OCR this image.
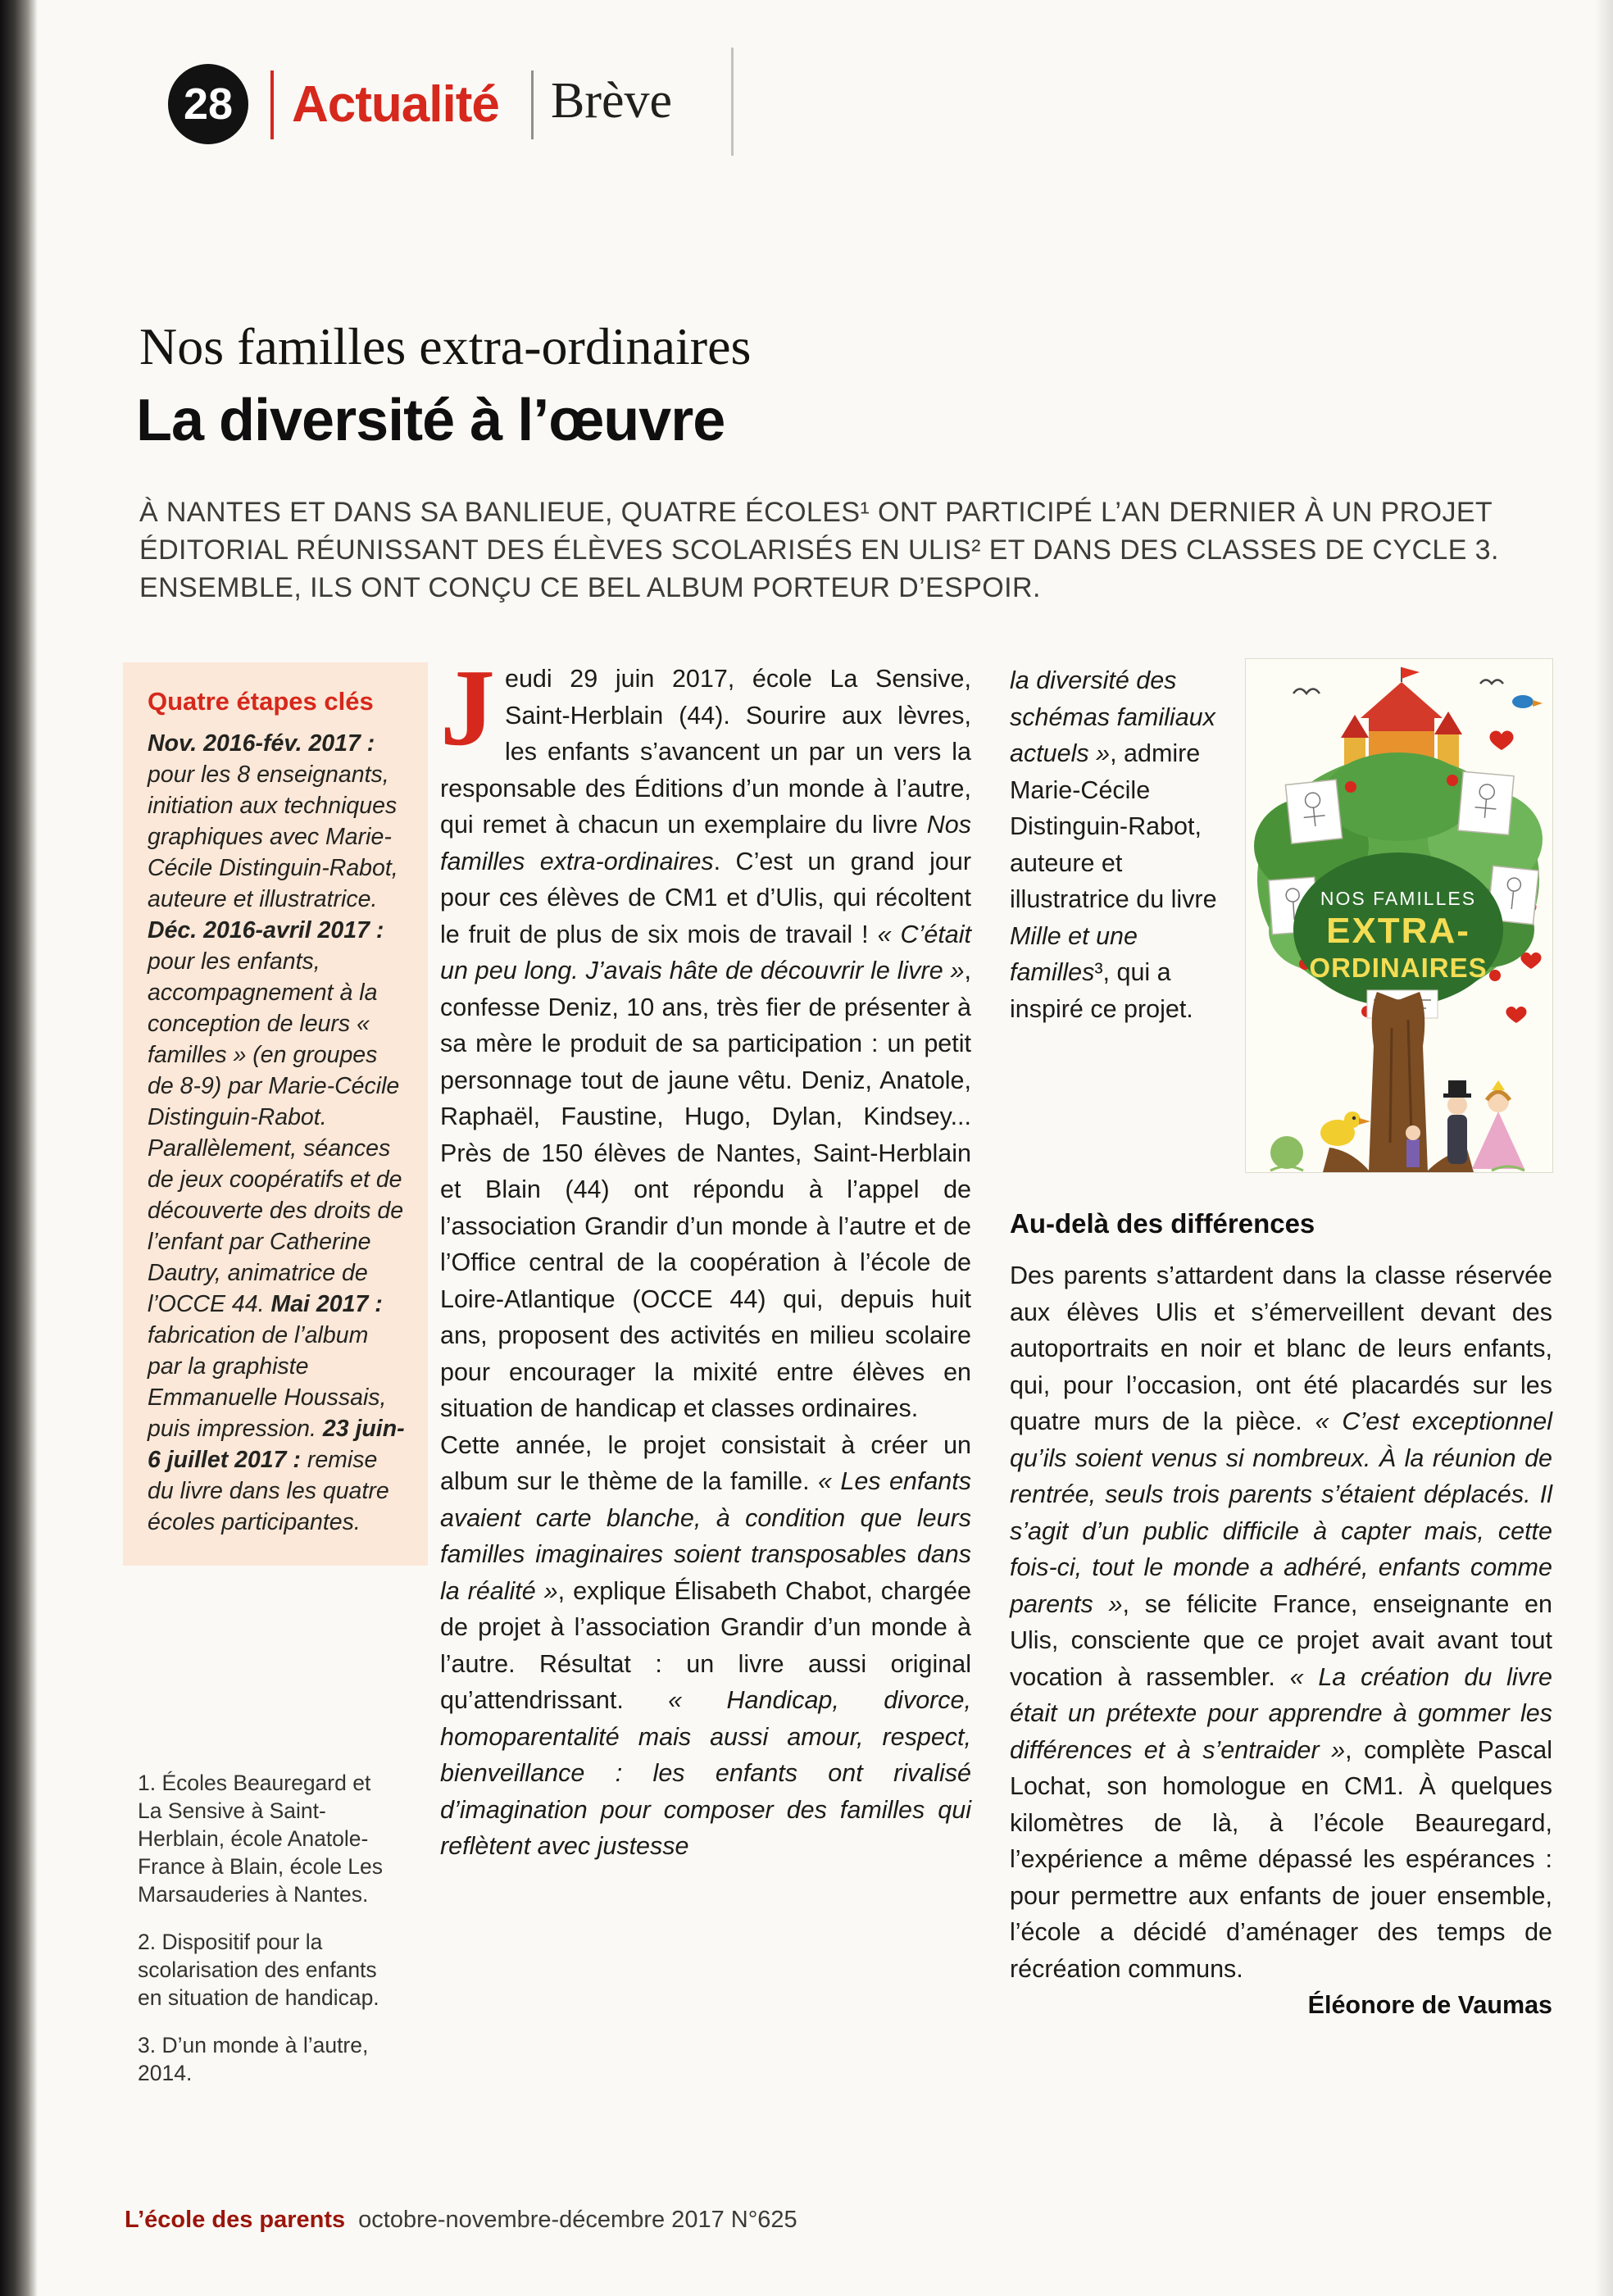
28 Actualité Brève
Nos familles extra-ordinaires
La diversité à l’œuvre
À NANTES ET DANS SA BANLIEUE, QUATRE ÉCOLES¹ ONT PARTICIPÉ L’AN DERNIER À UN PROJET ÉDITORIAL RÉUNISSANT DES ÉLÈVES SCOLARISÉS EN ULIS² ET DANS DES CLASSES DE CYCLE 3. ENSEMBLE, ILS ONT CONÇU CE BEL ALBUM PORTEUR D’ESPOIR.

Quatre étapes clés

Nov. 2016-fév. 2017 : pour les 8 enseignants, initiation aux techniques graphiques avec Marie-Cécile Distinguin-Rabot, auteure et illustratrice. Déc. 2016-avril 2017 : pour les enfants, accompagnement à la conception de leurs « familles » (en groupes de 8-9) par Marie-Cécile Distinguin-Rabot. Parallèlement, séances de jeux coopératifs et de découverte des droits de l’enfant par Catherine Dautry, animatrice de l’OCCE 44. Mai 2017 : fabrication de l’album par la graphiste Emmanuelle Houssais, puis impression. 23 juin-6 juillet 2017 : remise du livre dans les quatre écoles participantes.

1. Écoles Beauregard et La Sensive à Saint-Herblain, école Anatole-France à Blain, école Les Marsauderies à Nantes.

2. Dispositif pour la scolarisation des enfants en situation de handicap.

3. D’un monde à l’autre, 2014.

Jeudi 29 juin 2017, école La Sensive, Saint-Herblain (44). Sourire aux lèvres, les enfants s’avancent un par un vers la responsable des Éditions d’un monde à l’autre, qui remet à chacun un exemplaire du livre Nos familles extra-ordinaires. C’est un grand jour pour ces élèves de CM1 et d’Ulis, qui récoltent le fruit de plus de six mois de travail ! « C’était un peu long. J’avais hâte de découvrir le livre », confesse Deniz, 10 ans, très fier de présenter à sa mère le produit de sa participation : un petit personnage tout de jaune vêtu. Deniz, Anatole, Raphaël, Faustine, Hugo, Dylan, Kindsey... Près de 150 élèves de Nantes, Saint-Herblain et Blain (44) ont répondu à l’appel de l’association Grandir d’un monde à l’autre et de l’Office central de la coopération à l’école de Loire-Atlantique (OCCE 44) qui, depuis huit ans, proposent des activités en milieu scolaire pour encourager la mixité entre élèves en situation de handicap et classes ordinaires.

Cette année, le projet consistait à créer un album sur le thème de la famille. « Les enfants avaient carte blanche, à condition que leurs familles imaginaires soient transposables dans la réalité », explique Élisabeth Chabot, chargée de projet à l’association Grandir d’un monde à l’autre. Résultat : un livre aussi original qu’attendrissant. « Handicap, divorce, homoparentalité mais aussi amour, respect, bienveillance : les enfants ont rivalisé d’imagination pour composer des familles qui reflètent avec justesse

la diversité des schémas familiaux actuels », admire Marie-Cécile Distinguin-Rabot, auteure et illustratrice du livre Mille et une familles³, qui a inspiré ce projet.
NOS FAMILLES
EXTRA-
ORDINAIRES

Au-delà des différences

Des parents s’attardent dans la classe réservée aux élèves Ulis et s’émerveillent devant des autoportraits en noir et blanc de leurs enfants, qui, pour l’occasion, ont été placardés sur les quatre murs de la pièce. « C’est exceptionnel qu’ils soient venus si nombreux. À la réunion de rentrée, seuls trois parents s’étaient déplacés. Il s’agit d’un public difficile à capter mais, cette fois-ci, tout le monde a adhéré, enfants comme parents », se félicite France, enseignante en Ulis, consciente que ce projet avait avant tout vocation à rassembler. « La création du livre était un prétexte pour apprendre à gommer les différences et à s’entraider », complète Pascal Lochat, son homologue en CM1. À quelques kilomètres de là, à l’école Beauregard, l’expérience a même dépassé les espérances : pour permettre aux enfants de jouer ensemble, l’école a décidé d’aménager des temps de récréation communs.

Éléonore de Vaumas

L’école des parents octobre-novembre-décembre 2017 N°625
